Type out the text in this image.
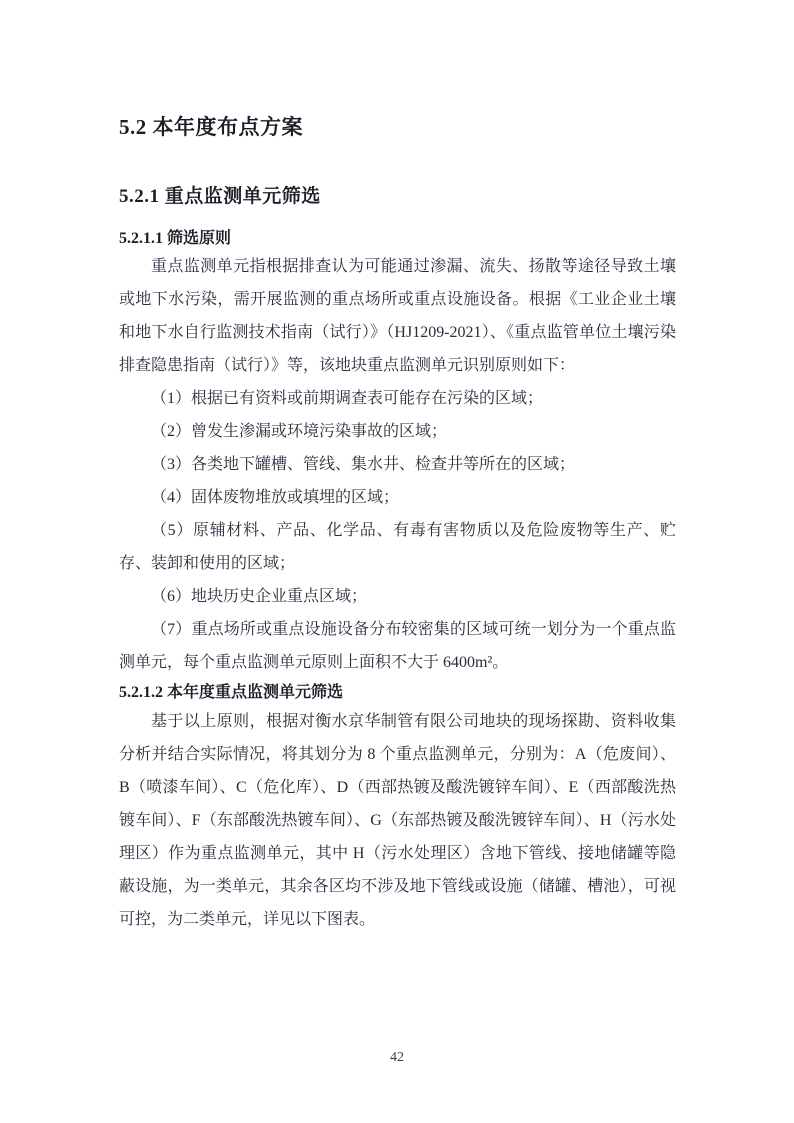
5.2 本年度布点方案
5.2.1 重点监测单元筛选
5.2.1.1 筛选原则

重点监测单元指根据排查认为可能通过渗漏、流失、扬散等途径导致土壤或地下水污染，需开展监测的重点场所或重点设施设备。根据《工业企业土壤和地下水自行监测技术指南（试行）》（HJ1209-2021）、《重点监管单位土壤污染排查隐患指南（试行）》等，该地块重点监测单元识别原则如下：

（1）根据已有资料或前期调查表可能存在污染的区域；

（2）曾发生渗漏或环境污染事故的区域；

（3）各类地下罐槽、管线、集水井、检查井等所在的区域；

（4）固体废物堆放或填埋的区域；

（5）原辅材料、产品、化学品、有毒有害物质以及危险废物等生产、贮存、装卸和使用的区域；

（6）地块历史企业重点区域；

（7）重点场所或重点设施设备分布较密集的区域可统一划分为一个重点监测单元，每个重点监测单元原则上面积不大于 6400m²。

5.2.1.2 本年度重点监测单元筛选

基于以上原则，根据对衡水京华制管有限公司地块的现场探勘、资料收集分析并结合实际情况，将其划分为 8 个重点监测单元，分别为：A（危废间）、B（喷漆车间）、C（危化库）、D（西部热镀及酸洗镀锌车间）、E（西部酸洗热镀车间）、F（东部酸洗热镀车间）、G（东部热镀及酸洗镀锌车间）、H（污水处理区）作为重点监测单元，其中 H（污水处理区）含地下管线、接地储罐等隐蔽设施，为一类单元，其余各区均不涉及地下管线或设施（储罐、槽池），可视可控，为二类单元，详见以下图表。

42
